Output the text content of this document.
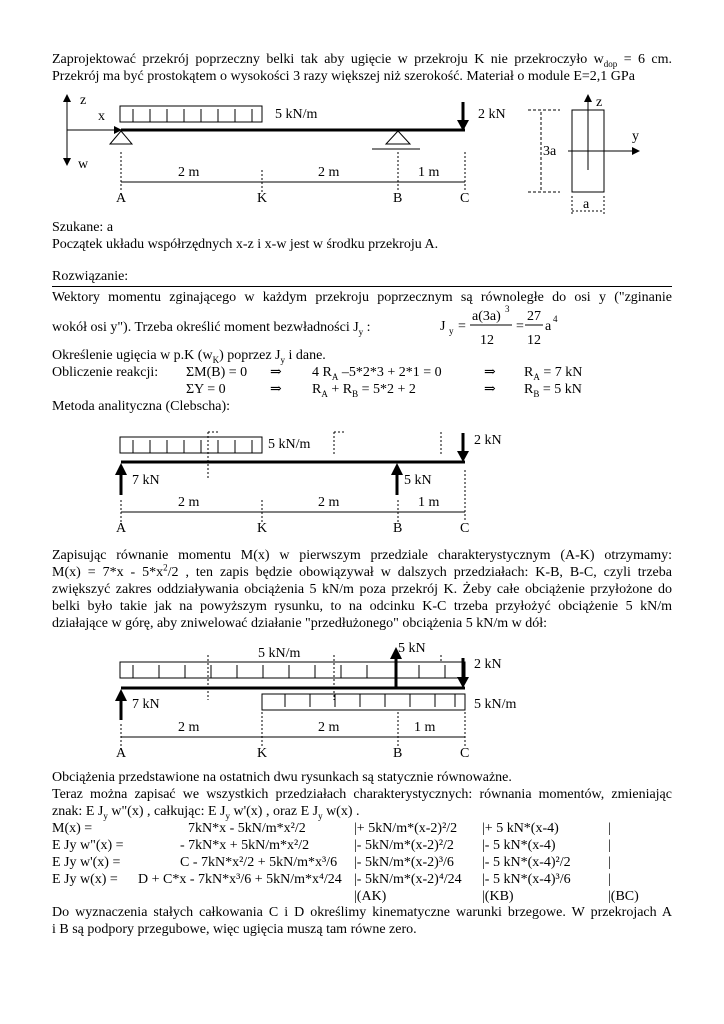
Zaprojektować przekrój poprzeczny belki tak aby ugięcie w przekroju K nie przekroczyło $w_{dop} = 6$ cm.
Przekrój ma być prostokątem o wysokości 3 razy większej niż szerokość. Materiał o module E=2,1 GPa
z
x
w
5 kN/m	2 kN
2 m	2 m	1 m
A	K	B	C
z
y
3a
a
Szukane: a
Początek układu współrzędnych x-z i x-w jest w środku przekroju A.
Rozwiązanie:
Wektory momentu zginającego w każdym przekroju poprzecznym są równoległe do osi y ("zginanie
wokół osi y"). Trzeba określić moment bezwładności $J_y$ :	J y =
a(3a) 3
12
=
27
12
a 4
Określenie ugięcia w p.K $(w_K)$ poprzez $J_y$ i dane.
Obliczenie reakcji: ΣM(B) = 0 ⇒ 4 $R_A$ –5*2*3 + 2*1 = 0	⇒ $R_A = 7$ kN
ΣY = 0	⇒ $R_A + R_B = 5*2 + 2$	⇒ $R_B = 5$ kN
Metoda analityczna (Clebscha):
5 kN/m	2 kN
7 kN	5 kN
2 m	2 m	1 m
A	K	B	C
Zapisując równanie momentu M(x) w pierwszym przedziale charakterystycznym (A-K) otrzymamy:
$M(x) = 7*x - 5*x^2/2$ , ten zapis będzie obowiązywał w dalszych przedziałach: K-B, B-C, czyli trzeba
zwiększyć zakres oddziaływania obciążenia 5 kN/m poza przekrój K. Żeby całe obciążenie przyłożone do
belki było takie jak na powyższym rysunku, to na odcinku K-C trzeba przyłożyć obciążenie 5 kN/m
działające w górę, aby zniwelować działanie "przedłużonego" obciążenia 5 kN/m w dół:
5 kN/m	5 kN
2 kN
7 kN	5 kN/m
2 m	2 m	1 m
A	K	B	C
Obciążenia przedstawione na ostatnich dwu rysunkach są statycznie równoważne.
Teraz można zapisać we wszystkich przedziałach charakterystycznych: równania momentów, zmieniając
znak: E $J_y$ w"(x) , całkując: E $J_y$ w'(x) , oraz E $J_y$ w(x) .
M(x) =	7kN*x - 5kN/m*x²/2	|+ 5kN/m*(x-2)²/2 |+ 5 kN*(x-4)	|
E Jy w"(x) =	- 7kN*x + 5kN/m*x²/2	|- 5kN/m*(x-2)²/2 |- 5 kN*(x-4)	|
E Jy w'(x) =	C - 7kN*x²/2 + 5kN/m*x³/6 |- 5kN/m*(x-2)³/6 |- 5 kN*(x-4)²/2	|
E Jy w(x) = D + C*x - 7kN*x³/6 + 5kN/m*x⁴/24 |- 5kN/m*(x-2)⁴/24 |- 5 kN*(x-4)³/6	|
|(AK)	|(KB)	|(BC)
Do wyznaczenia stałych całkowania C i D określimy kinematyczne warunki brzegowe. W przekrojach A
i B są podpory przegubowe, więc ugięcia muszą tam równe zero.
